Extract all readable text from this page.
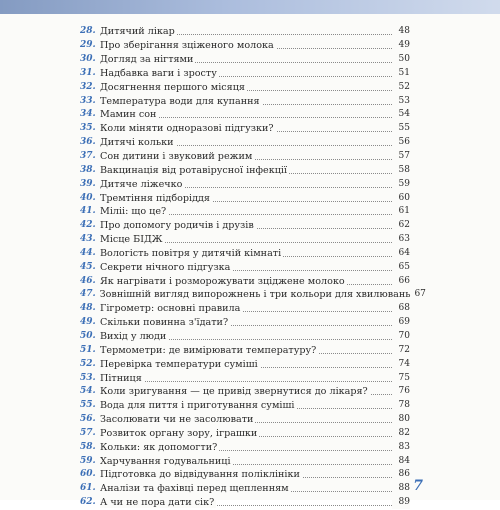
28. Дитячий лікар	48
29. Про зберігання зціженого молока	49
30. Догляд за нігтями	50
31. Надбавка ваги і зросту	51
32. Досягнення першого місяця	52
33. Температура води для купання	53
34. Мамин сон	54
35. Коли міняти одноразові підгузки?	55
36. Дитячі кольки	56
37. Сон дитини і звуковий режим	57
38. Вакцинація від ротавірусної інфекції	58
39. Дитяче ліжечко	59
40. Тремтіння підборіддя	60
41. Міліі: що це?	61
42. Про допомогу родичів і друзів	62
43. Місце БІДЖ	63
44. Вологість повітря у дитячій кімнаті	64
45. Секрети нічного підгузка	65
46. Як нагрівати і розморожувати зціджене молоко	66
47. Зовнішній вигляд випорожнень і три кольори для хвилювань 67
48. Гігрометр: основні правила	68
49. Скільки повинна з'їдати?	69
50. Вихід у люди	70
51. Термометри: де вимірювати температуру?	72
52. Перевірка температури суміші	74
53. Пітниця	75
54. Коли зригування — це привід звернутися до лікаря?	76
55. Вода для пиття і приготування суміші	78
56. Засолювати чи не засолювати	80
57. Розвиток органу зору, іграшки	82
58. Кольки: як допомогти?	83
59. Харчування годувальниці	84
60. Підготовка до відвідування поліклініки	86
61. Аналізи та фахівці перед щепленням	88
62. А чи не пора дати сік?	89
7
